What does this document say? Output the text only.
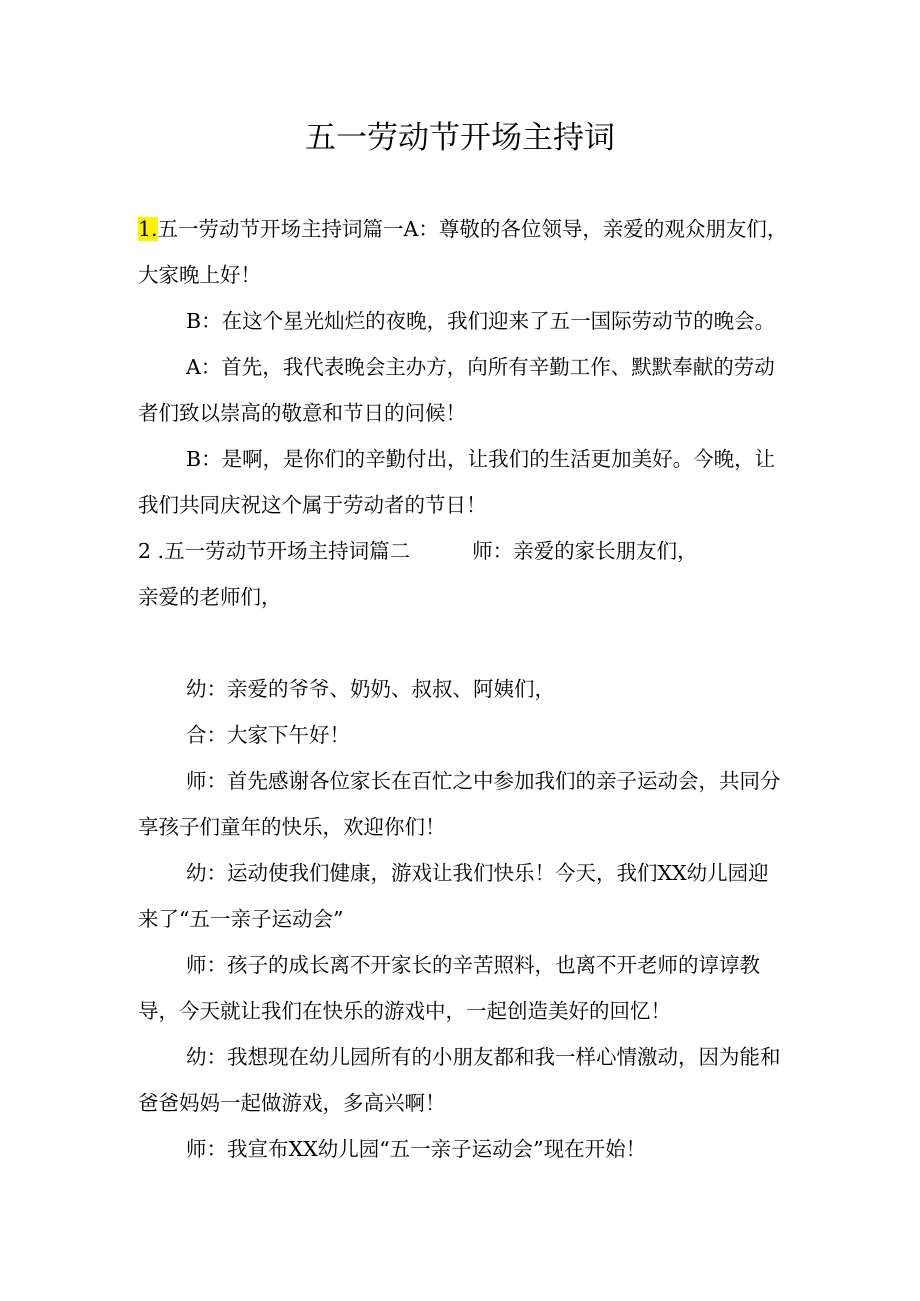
五一劳动节开场主持词

1.五一劳动节开场主持词篇一A：尊敬的各位领导，亲爱的观众朋友们，大家晚上好！

B：在这个星光灿烂的夜晚，我们迎来了五一国际劳动节的晚会。

A：首先，我代表晚会主办方，向所有辛勤工作、默默奉献的劳动者们致以崇高的敬意和节日的问候！

B：是啊，是你们的辛勤付出，让我们的生活更加美好。今晚，让我们共同庆祝这个属于劳动者的节日！

2 .五一劳动节开场主持词篇二	师：亲爱的家长朋友们，

亲爱的老师们，

幼：亲爱的爷爷、奶奶、叔叔、阿姨们，

合：大家下午好！

师：首先感谢各位家长在百忙之中参加我们的亲子运动会，共同分享孩子们童年的快乐，欢迎你们！

幼：运动使我们健康，游戏让我们快乐！今天，我们XX幼儿园迎来了“五一亲子运动会”

师：孩子的成长离不开家长的辛苦照料，也离不开老师的谆谆教导，今天就让我们在快乐的游戏中，一起创造美好的回忆！

幼：我想现在幼儿园所有的小朋友都和我一样心情激动，因为能和爸爸妈妈一起做游戏，多高兴啊！

师：我宣布XX幼儿园“五一亲子运动会”现在开始！
